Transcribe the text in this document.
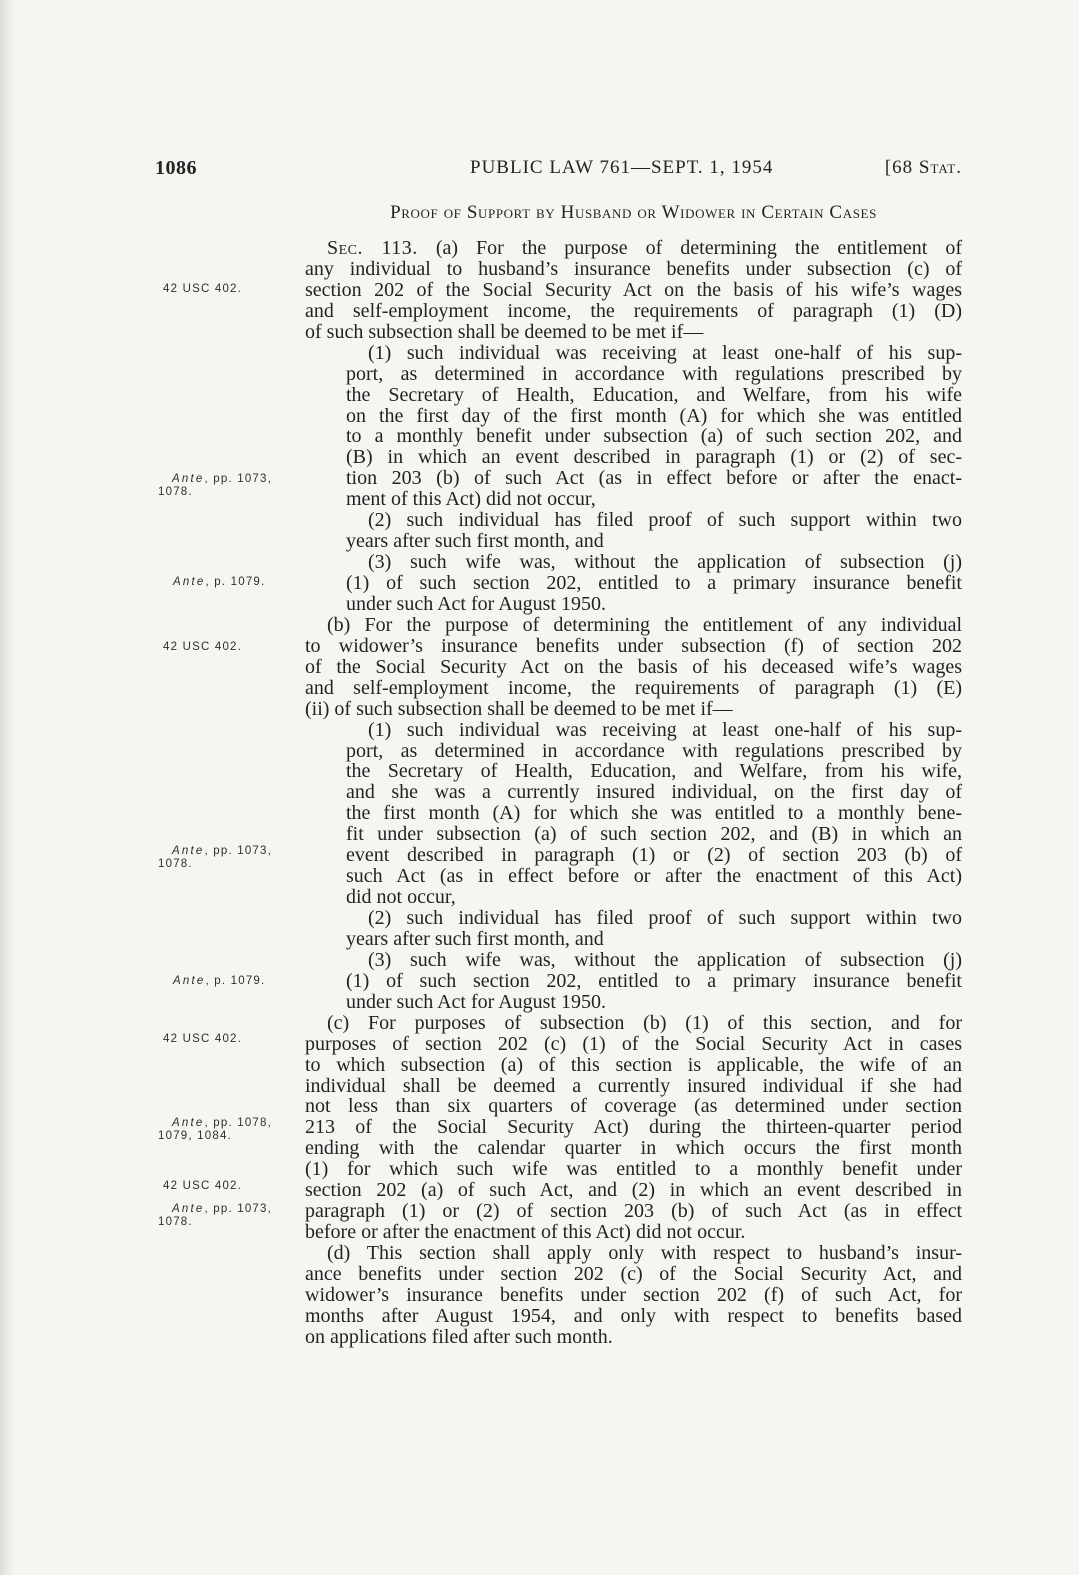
1086	PUBLIC LAW 761—SEPT. 1, 1954	[68 Stat.
Proof of Support by Husband or Widower in Certain Cases
42 USC 402.
Ante, pp. 1073,
1078.
Ante, p. 1079.
42 USC 402.
Ante, pp. 1073,
1078.
Ante, p. 1079.
42 USC 402.
Ante, pp. 1078,
1079, 1084.
42 USC 402.
Ante, pp. 1073,
1078.
Sec. 113. (a) For the purpose of determining the entitlement of
any individual to husband’s insurance benefits under subsection (c) of
section 202 of the Social Security Act on the basis of his wife’s wages
and self-employment income, the requirements of paragraph (1) (D)
of such subsection shall be deemed to be met if—
(1) such individual was receiving at least one-half of his sup-
port, as determined in accordance with regulations prescribed by
the Secretary of Health, Education, and Welfare, from his wife
on the first day of the first month (A) for which she was entitled
to a monthly benefit under subsection (a) of such section 202, and
(B) in which an event described in paragraph (1) or (2) of sec-
tion 203 (b) of such Act (as in effect before or after the enact-
ment of this Act) did not occur,
(2) such individual has filed proof of such support within two
years after such first month, and
(3) such wife was, without the application of subsection (j)
(1) of such section 202, entitled to a primary insurance benefit
under such Act for August 1950.
(b) For the purpose of determining the entitlement of any individual
to widower’s insurance benefits under subsection (f) of section 202
of the Social Security Act on the basis of his deceased wife’s wages
and self-employment income, the requirements of paragraph (1) (E)
(ii) of such subsection shall be deemed to be met if—
(1) such individual was receiving at least one-half of his sup-
port, as determined in accordance with regulations prescribed by
the Secretary of Health, Education, and Welfare, from his wife,
and she was a currently insured individual, on the first day of
the first month (A) for which she was entitled to a monthly bene-
fit under subsection (a) of such section 202, and (B) in which an
event described in paragraph (1) or (2) of section 203 (b) of
such Act (as in effect before or after the enactment of this Act)
did not occur,
(2) such individual has filed proof of such support within two
years after such first month, and
(3) such wife was, without the application of subsection (j)
(1) of such section 202, entitled to a primary insurance benefit
under such Act for August 1950.
(c) For purposes of subsection (b) (1) of this section, and for
purposes of section 202 (c) (1) of the Social Security Act in cases
to which subsection (a) of this section is applicable, the wife of an
individual shall be deemed a currently insured individual if she had
not less than six quarters of coverage (as determined under section
213 of the Social Security Act) during the thirteen-quarter period
ending with the calendar quarter in which occurs the first month
(1) for which such wife was entitled to a monthly benefit under
section 202 (a) of such Act, and (2) in which an event described in
paragraph (1) or (2) of section 203 (b) of such Act (as in effect
before or after the enactment of this Act) did not occur.
(d) This section shall apply only with respect to husband’s insur-
ance benefits under section 202 (c) of the Social Security Act, and
widower’s insurance benefits under section 202 (f) of such Act, for
months after August 1954, and only with respect to benefits based
on applications filed after such month.
